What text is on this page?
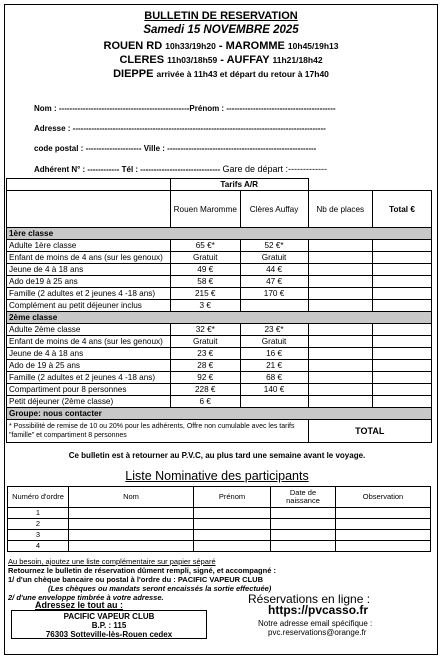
BULLETIN DE RESERVATION
Samedi 15 NOVEMBRE 2025
ROUEN RD 10h33/19h20 - MAROMME 10h45/19h13
CLERES 11h03/18h59 - AUFFAY 11h21/18h42
DIEPPE arrivée à 11h43 et départ du retour à 17h40
Nom : -------------------------------------------------Prénom : -----------------------------------------
Adresse : -----------------------------------------------------------------------------------------------
code postal : --------------------- Ville : --------------------------------------------------------
Adhérent N° : ------------ Tél : ------------------------------ Gare de départ :-------------
	Tarifs A/R			
	Rouen Maromme	Clères Auffay	Nb de places	Total €
1ère classe				
Adulte 1ère classe	65 €*	52 €*		
Enfant de moins de 4 ans (sur les genoux)	Gratuit	Gratuit		
Jeune de 4 à 18 ans	49 €	44 €		
Ado de19 à 25 ans	58 €	47 €		
Famille (2 adultes et 2 jeunes 4 -18 ans)	215 €	170 €		
Complément au petit déjeuner inclus	3 €			
2ème classe				
Adulte 2ème classe	32 €*	23 €*		
Enfant de moins de 4 ans (sur les genoux)	Gratuit	Gratuit		
Jeune de 4 à 18 ans	23 €	16 €		
Ado de 19 à 25 ans	28 €	21 €		
Famille (2 adultes et 2 jeunes 4 -18 ans)	92 €	68 €		
Compartiment pour 8 personnes	228 €	140 €		
Petit déjeuner (2ème classe)	6 €			
Groupe: nous contacter				
* Possibilité de remise de 10 ou 20% pour les adhérents, Offre non cumulable avec les tarifs "famille" et compartiment 8 personnes			TOTAL	
Ce bulletin est à retourner au P.V.C, au plus tard une semaine avant le voyage.
Liste Nominative des participants
Numéro d'ordre	Nom	Prénom	Date de naissance	Observation
1				
2				
3				
4				
Au besoin, ajoutez une liste complémentaire sur papier séparé
Retournez le bulletin de réservation dûment rempli, signé, et accompagné :
1/ d'un chèque bancaire ou postal à l'ordre du : PACIFIC VAPEUR CLUB
(Les chèques ou mandats seront encaissés la sortie effectuée)
2/ d'une enveloppe timbrée à votre adresse.
Adressez le tout au :
PACIFIC VAPEUR CLUB
B.P. : 115
76303 Sotteville-lès-Rouen cedex
Réservations en ligne :
https://pvcasso.fr
Notre adresse email spécifique :
pvc.reservations@orange.fr
